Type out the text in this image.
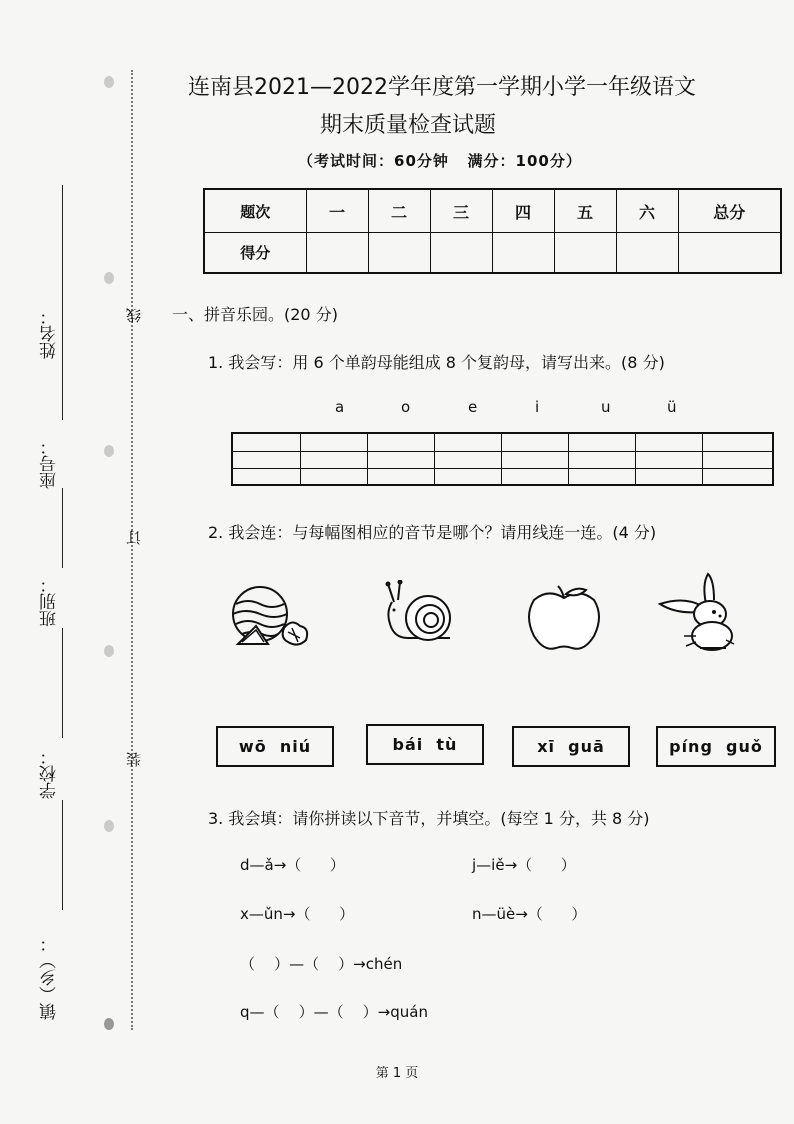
姓名：
座号：
班别：
学校：
镇（乡）：
线
订
装
连南县2021—2022学年度第一学期小学一年级语文
期末质量检查试题
（考试时间：60分钟   满分：100分）
题次	一	二	三	四	五	六	总分
得分							
一、拼音乐园。(20 分)
1. 我会写：用 6 个单韵母能组成 8 个复韵母，请写出来。(8 分)
a	o	e	i	u	ü
2. 我会连：与每幅图相应的音节是哪个？请用线连一连。(4 分)
wō  niú	bái  tù	xī  guā	píng  guǒ
3. 我会填：请你拼读以下音节，并填空。(每空 1 分，共 8 分)
d—ǎ→（      ）	j—iě→（      ）
x—ǔn→（      ）	n—üè→（      ）
（    ）—（    ）→chén
q—（    ）—（    ）→quán
第 1 页
